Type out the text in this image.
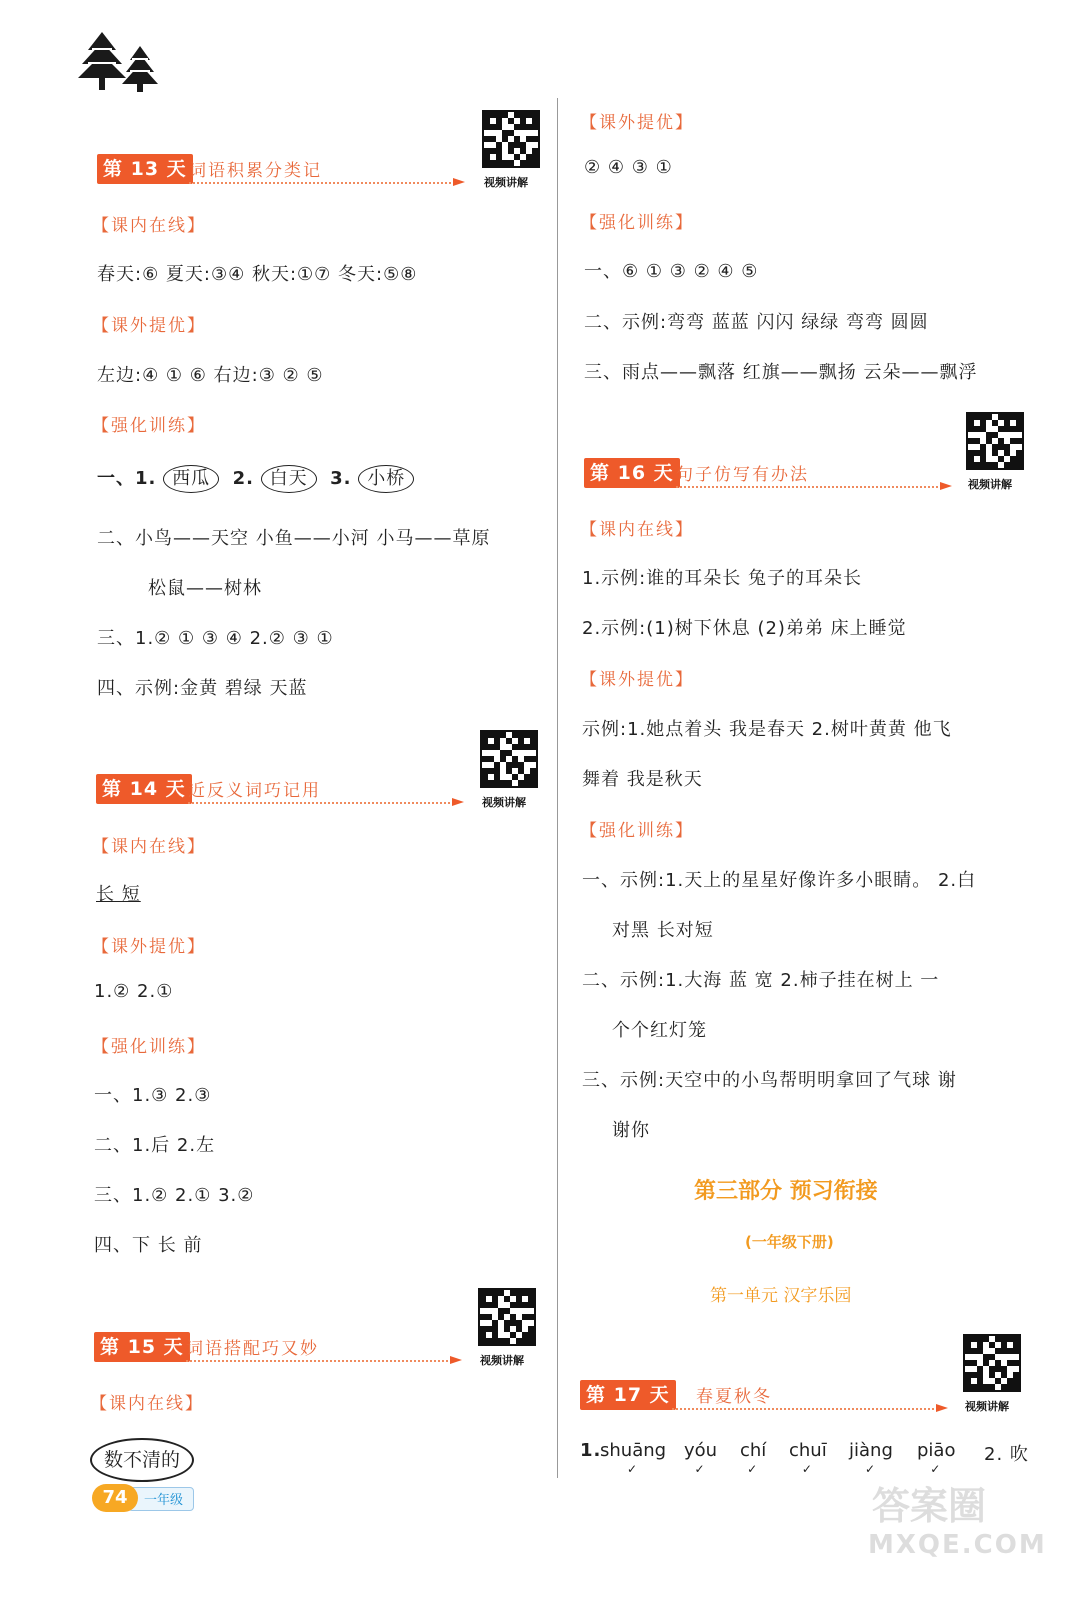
视频讲解
第 13 天 词语积累分类记
【课内在线】
春天:⑥ 夏天:③④ 秋天:①⑦ 冬天:⑤⑧
【课外提优】
左边:④ ① ⑥ 右边:③ ② ⑤
【强化训练】
一、1. 西瓜 2. 白天 3. 小桥
二、小鸟——天空 小鱼——小河 小马——草原
松鼠——树林
三、1.② ① ③ ④ 2.② ③ ①
四、示例:金黄 碧绿 天蓝
视频讲解
第 14 天 近反义词巧记用
【课内在线】
长 短
【课外提优】
1.② 2.①
【强化训练】
一、1.③ 2.③
二、1.后 2.左
三、1.② 2.① 3.②
四、下 长 前
视频讲解
第 15 天 词语搭配巧又妙
【课内在线】
数不清的
74	一年级
【课外提优】
② ④ ③ ①
【强化训练】
一、⑥ ① ③ ② ④ ⑤
二、示例:弯弯 蓝蓝 闪闪 绿绿 弯弯 圆圆
三、雨点——飘落 红旗——飘扬 云朵——飘浮
视频讲解
第 16 天 句子仿写有办法
【课内在线】
1.示例:谁的耳朵长 兔子的耳朵长
2.示例:(1)树下休息 (2)弟弟 床上睡觉
【课外提优】
示例:1.她点着头 我是春天 2.树叶黄黄 他飞
舞着 我是秋天
【强化训练】
一、示例:1.天上的星星好像许多小眼睛。 2.白
对黑 长对短
二、示例:1.大海 蓝 宽 2.柿子挂在树上 一
个个红灯笼
三、示例:天空中的小鸟帮明明拿回了气球 谢
谢你
第三部分 预习衔接
(一年级下册)
第一单元 汉字乐园
视频讲解
第 17 天	春夏秋冬
1.
shuāng
✓
yóu
✓
chí
✓
chuī
✓
jiàng
✓
piāo
✓
2. 吹
答案圈
MXQE.COM
